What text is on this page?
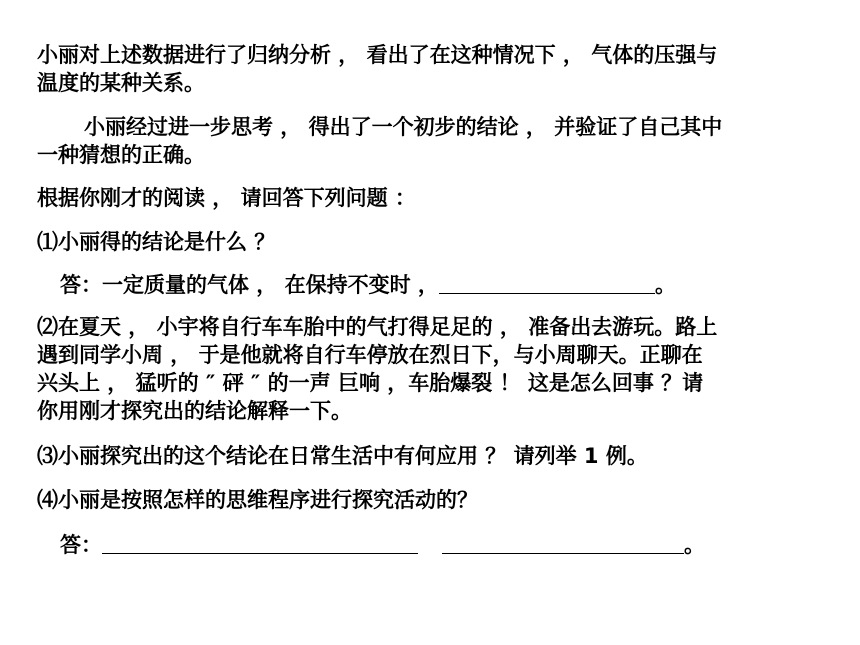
小丽对上述数据进行了归纳分析 ， 看出了在这种情况下 ， 气体的压强与
温度的某种关系。
小丽经过进一步思考 ， 得出了一个初步的结论 ， 并验证了自己其中
一种猜想的正确。
根据你刚才的阅读 ， 请回答下列问题 ：
⑴小丽得的结论是什么 ？
答：一定质量的气体 ， 在保持不变时 ，	。
⑵在夏天 ， 小宇将自行车车胎中的气打得足足的 ， 准备出去游玩。路上
遇到同学小周 ， 于是他就将自行车停放在烈日下，与小周聊天。正聊在
兴头上 ， 猛听的 ″ 砰 ″ 的一声 巨响 ，车胎爆裂 ！ 这是怎么回事 ？请
你用刚才探究出的结论解释一下。
⑶小丽探究出的这个结论在日常生活中有何应用 ？ 请列举 1 例。
⑷小丽是按照怎样的思维程序进行探究活动的？
答：	。
